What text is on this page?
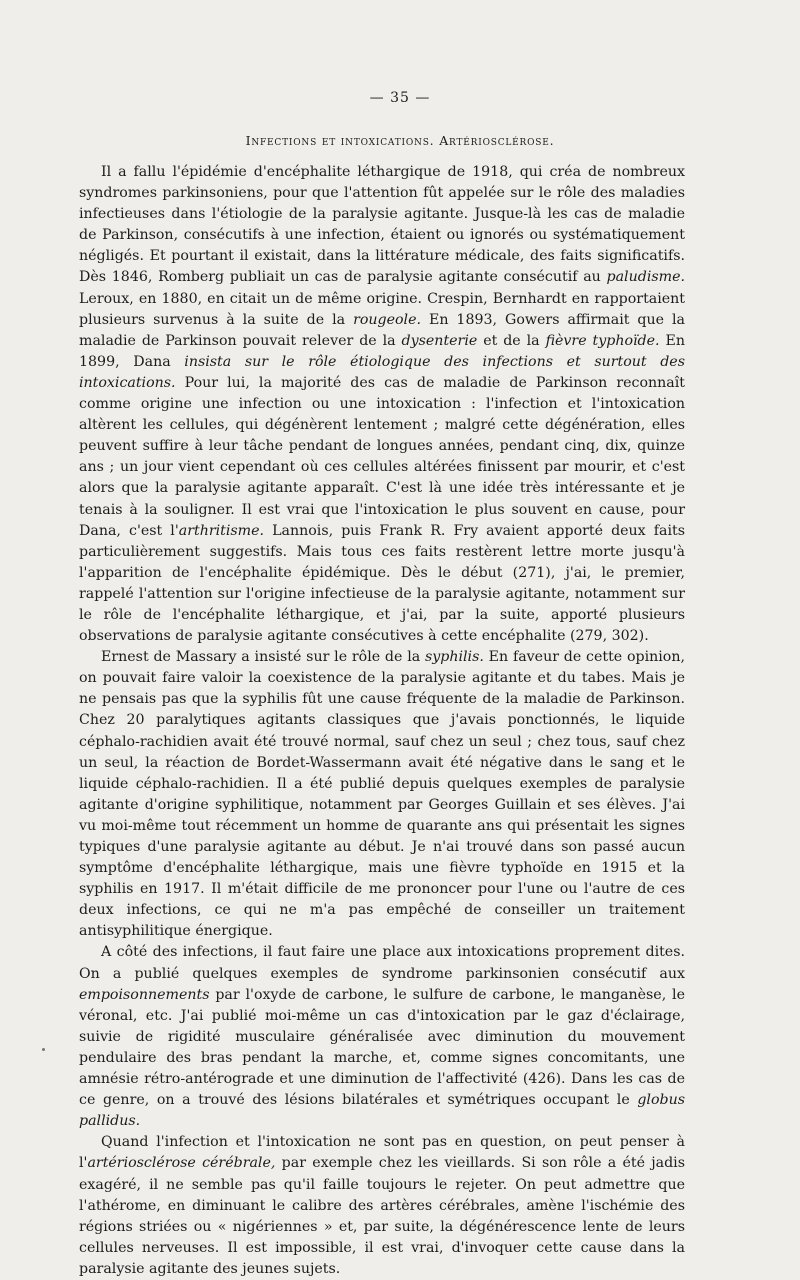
— 35 —
Infections et intoxications. Artériosclérose.

Il a fallu l'épidémie d'encéphalite léthargique de 1918, qui créa de nombreux syndromes parkinsoniens, pour que l'attention fût appelée sur le rôle des maladies infectieuses dans l'étiologie de la paralysie agitante. Jusque-là les cas de maladie de Parkinson, consécutifs à une infection, étaient ou ignorés ou systématiquement négligés. Et pourtant il existait, dans la littérature médicale, des faits significatifs. Dès 1846, Romberg publiait un cas de paralysie agitante consécutif au paludisme. Leroux, en 1880, en citait un de même origine. Crespin, Bernhardt en rapportaient plusieurs survenus à la suite de la rougeole. En 1893, Gowers affirmait que la maladie de Parkinson pouvait relever de la dysenterie et de la fièvre typhoïde. En 1899, Dana insista sur le rôle étiologique des infections et surtout des intoxications. Pour lui, la majorité des cas de maladie de Parkinson reconnaît comme origine une infection ou une intoxication : l'infection et l'intoxication altèrent les cellules, qui dégénèrent lentement ; malgré cette dégénération, elles peuvent suffire à leur tâche pendant de longues années, pendant cinq, dix, quinze ans ; un jour vient cependant où ces cellules altérées finissent par mourir, et c'est alors que la paralysie agitante apparaît. C'est là une idée très intéressante et je tenais à la souligner. Il est vrai que l'intoxication le plus souvent en cause, pour Dana, c'est l'arthritisme. Lannois, puis Frank R. Fry avaient apporté deux faits particulièrement suggestifs. Mais tous ces faits restèrent lettre morte jusqu'à l'apparition de l'encéphalite épidémique. Dès le début (271), j'ai, le premier, rappelé l'attention sur l'origine infectieuse de la paralysie agitante, notamment sur le rôle de l'encéphalite léthargique, et j'ai, par la suite, apporté plusieurs observations de paralysie agitante consécutives à cette encéphalite (279, 302).

Ernest de Massary a insisté sur le rôle de la syphilis. En faveur de cette opinion, on pouvait faire valoir la coexistence de la paralysie agitante et du tabes. Mais je ne pensais pas que la syphilis fût une cause fréquente de la maladie de Parkinson. Chez 20 paralytiques agitants classiques que j'avais ponctionnés, le liquide céphalo-rachidien avait été trouvé normal, sauf chez un seul ; chez tous, sauf chez un seul, la réaction de Bordet-Wassermann avait été négative dans le sang et le liquide céphalo-rachidien. Il a été publié depuis quelques exemples de paralysie agitante d'origine syphilitique, notamment par Georges Guillain et ses élèves. J'ai vu moi-même tout récemment un homme de quarante ans qui présentait les signes typiques d'une paralysie agitante au début. Je n'ai trouvé dans son passé aucun symptôme d'encéphalite léthargique, mais une fièvre typhoïde en 1915 et la syphilis en 1917. Il m'était difficile de me prononcer pour l'une ou l'autre de ces deux infections, ce qui ne m'a pas empêché de conseiller un traitement antisyphilitique énergique.

A côté des infections, il faut faire une place aux intoxications proprement dites. On a publié quelques exemples de syndrome parkinsonien consécutif aux empoisonnements par l'oxyde de carbone, le sulfure de carbone, le manganèse, le véronal, etc. J'ai publié moi-même un cas d'intoxication par le gaz d'éclairage, suivie de rigidité musculaire généralisée avec diminution du mouvement pendulaire des bras pendant la marche, et, comme signes concomitants, une amnésie rétro-antérograde et une diminution de l'affectivité (426). Dans les cas de ce genre, on a trouvé des lésions bilatérales et symétriques occupant le globus pallidus.

Quand l'infection et l'intoxication ne sont pas en question, on peut penser à l'artériosclérose cérébrale, par exemple chez les vieillards. Si son rôle a été jadis exagéré, il ne semble pas qu'il faille toujours le rejeter. On peut admettre que l'athérome, en diminuant le calibre des artères cérébrales, amène l'ischémie des régions striées ou « nigériennes » et, par suite, la dégénérescence lente de leurs cellules nerveuses. Il est impossible, il est vrai, d'invoquer cette cause dans la paralysie agitante des jeunes sujets.
